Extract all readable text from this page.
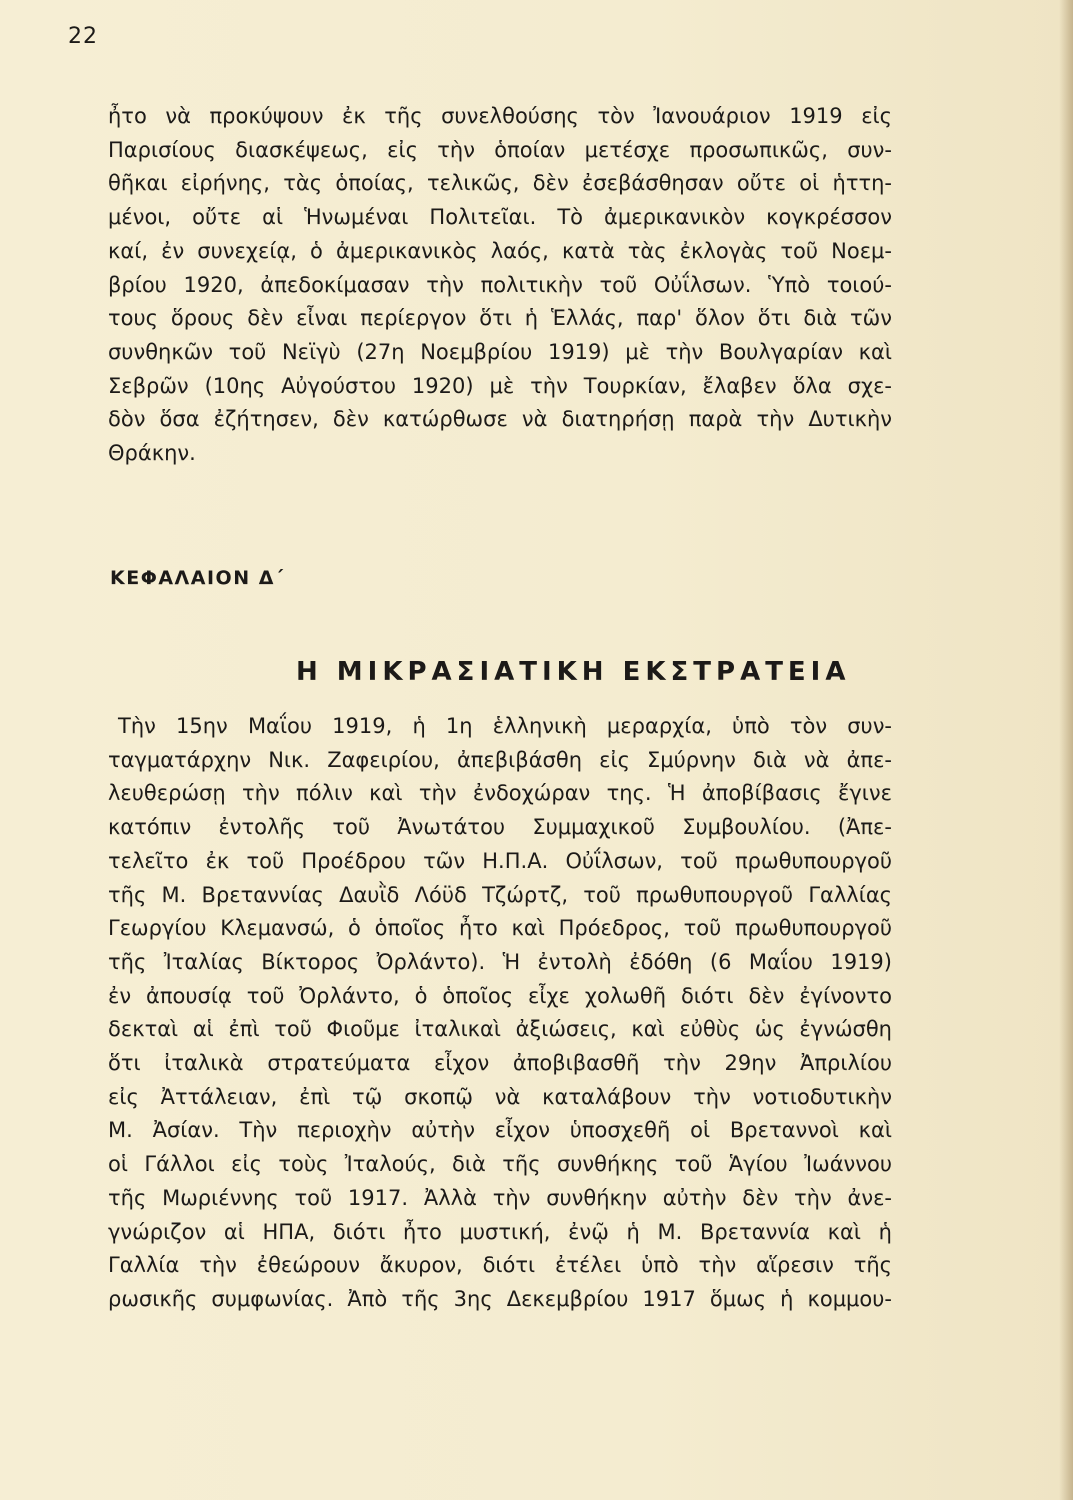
22

ἦτο νὰ προκύψουν ἐκ τῆς συνελθούσης τὸν Ἰανουάριον 1919 εἰς
Παρισίους διασκέψεως, εἰς τὴν ὁποίαν μετέσχε προσωπικῶς, συν-
θῆκαι εἰρήνης, τὰς ὁποίας, τελικῶς, δὲν ἐσεβάσθησαν οὔτε οἱ ἡττη-
μένοι, οὔτε αἱ Ἡνωμέναι Πολιτεῖαι. Τὸ ἀμερικανικὸν κογκρέσσον
καί, ἐν συνεχείᾳ, ὁ ἀμερικανικὸς λαός, κατὰ τὰς ἐκλογὰς τοῦ Νοεμ-
βρίου 1920, ἀπεδοκίμασαν τὴν πολιτικὴν τοῦ Οὐΐλσων. Ὑπὸ τοιού-
τους ὅρους δὲν εἶναι περίεργον ὅτι ἡ Ἑλλάς, παρ' ὅλον ὅτι διὰ τῶν
συνθηκῶν τοῦ Νεϊγὺ (27η Νοεμβρίου 1919) μὲ τὴν Βουλγαρίαν καὶ
Σεβρῶν (10ης Αὐγούστου 1920) μὲ τὴν Τουρκίαν, ἔλαβεν ὅλα σχε-
δὸν ὅσα ἐζήτησεν, δὲν κατώρθωσε νὰ διατηρήσῃ παρὰ τὴν Δυτικὴν
Θράκην.
ΚΕΦΑΛΑΙΟΝ Δ΄
Η ΜΙΚΡΑΣΙΑΤΙΚΗ ΕΚΣΤΡΑΤΕΙΑ
Τὴν 15ην Μαΐου 1919, ἡ 1η ἑλληνικὴ μεραρχία, ὑπὸ τὸν συν-
ταγματάρχην Νικ. Ζαφειρίου, ἀπεβιβάσθη εἰς Σμύρνην διὰ νὰ ἀπε-
λευθερώσῃ τὴν πόλιν καὶ τὴν ἐνδοχώραν της. Ἡ ἀποβίβασις ἔγινε
κατόπιν ἐντολῆς τοῦ Ἀνωτάτου Συμμαχικοῦ Συμβουλίου. (Ἀπε-
τελεῖτο ἐκ τοῦ Προέδρου τῶν Η.Π.Α. Οὐΐλσων, τοῦ πρωθυπουργοῦ
τῆς Μ. Βρεταννίας Δαυῒδ Λόϋδ Τζώρτζ, τοῦ πρωθυπουργοῦ Γαλλίας
Γεωργίου Κλεμανσώ, ὁ ὁποῖος ἦτο καὶ Πρόεδρος, τοῦ πρωθυπουργοῦ
τῆς Ἰταλίας Βίκτορος Ὀρλάντο). Ἡ ἐντολὴ ἐδόθη (6 Μαΐου 1919)
ἐν ἀπουσίᾳ τοῦ Ὀρλάντο, ὁ ὁποῖος εἶχε χολωθῆ διότι δὲν ἐγίνοντο
δεκταὶ αἱ ἐπὶ τοῦ Φιοῦμε ἰταλικαὶ ἀξιώσεις, καὶ εὐθὺς ὡς ἐγνώσθη
ὅτι ἰταλικὰ στρατεύματα εἶχον ἀποβιβασθῆ τὴν 29ην Ἀπριλίου
εἰς Ἀττάλειαν, ἐπὶ τῷ σκοπῷ νὰ καταλάβουν τὴν νοτιοδυτικὴν
Μ. Ἀσίαν. Τὴν περιοχὴν αὐτὴν εἶχον ὑποσχεθῆ οἱ Βρεταννοὶ καὶ
οἱ Γάλλοι εἰς τοὺς Ἰταλούς, διὰ τῆς συνθήκης τοῦ Ἁγίου Ἰωάννου
τῆς Μωριέννης τοῦ 1917. Ἀλλὰ τὴν συνθήκην αὐτὴν δὲν τὴν ἀνε-
γνώριζον αἱ ΗΠΑ, διότι ἦτο μυστική, ἐνῷ ἡ Μ. Βρεταννία καὶ ἡ
Γαλλία τὴν ἐθεώρουν ἄκυρον, διότι ἐτέλει ὑπὸ τὴν αἵρεσιν τῆς
ρωσικῆς συμφωνίας. Ἀπὸ τῆς 3ης Δεκεμβρίου 1917 ὅμως ἡ κομμου-
